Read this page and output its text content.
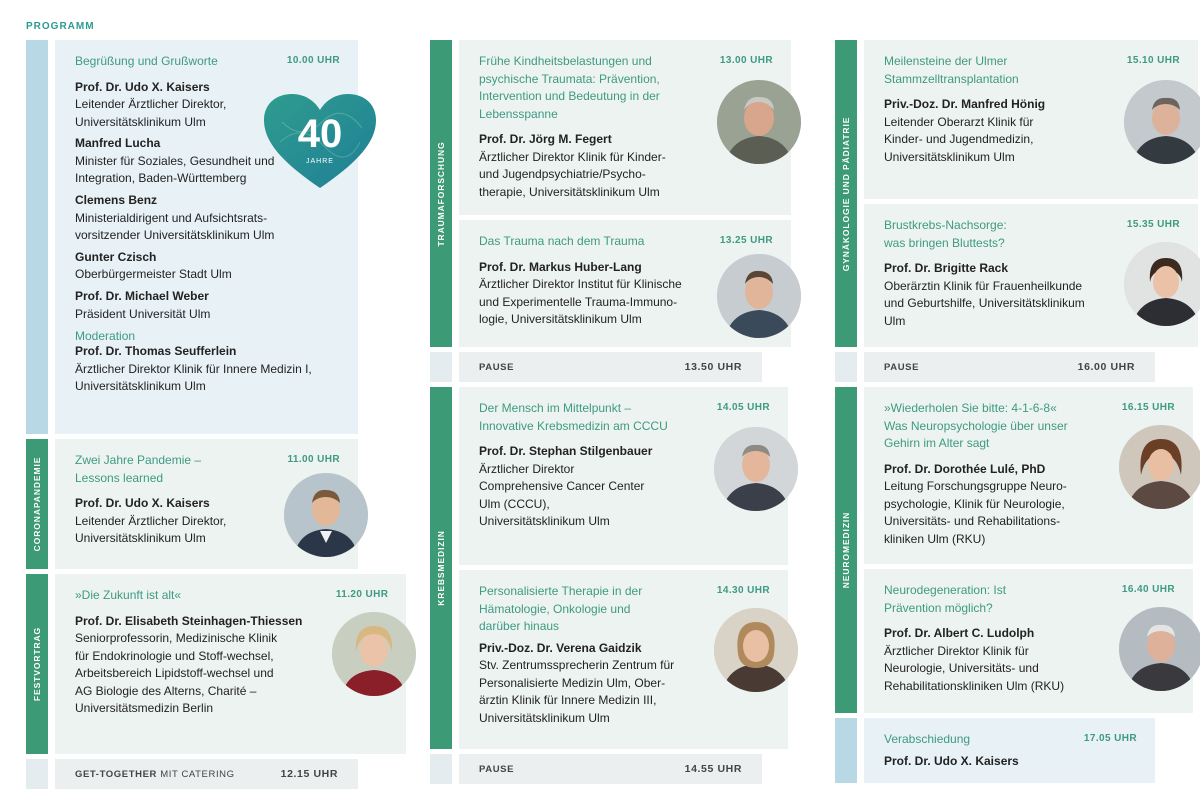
PROGRAMM
Begrüßung und Grußworte	10.00 UHR
Prof. Dr. Udo X. Kaisers
Leitender Ärztlicher Direktor, Universitätsklinikum Ulm
Manfred Lucha
Minister für Soziales, Gesundheit und Integration, Baden-Württemberg
Clemens Benz
Ministerialdirigent und Aufsichtsrats-vorsitzender Universitätsklinikum Ulm
Gunter Czisch
Oberbürgermeister Stadt Ulm
Prof. Dr. Michael Weber
Präsident Universität Ulm
Moderation
Prof. Dr. Thomas Seufferlein
Ärztlicher Direktor Klinik für Innere Medizin I, Universitätsklinikum Ulm
CORONAPANDEMIE	Zwei Jahre Pandemie – Lessons learned
11.00 UHR
Prof. Dr. Udo X. Kaisers
Leitender Ärztlicher Direktor, Universitätsklinikum Ulm
FESTVORTRAG
»Die Zukunft ist alt«	11.20 UHR
Prof. Dr. Elisabeth Steinhagen-Thiessen
Seniorprofessorin, Medizinische Klinik für Endokrinologie und Stoff-wechsel, Arbeitsbereich Lipidstoff-wechsel und AG Biologie des Alterns, Charité – Universitätsmedizin Berlin
GET-TOGETHER MIT CATERING	12.15 UHR
40
JAHRE	TRAUMAFORSCHUNG
Frühe Kindheitsbelastungen und psychische Traumata: Prävention, Intervention und Bedeutung in der Lebensspanne
13.00 UHR
Prof. Dr. Jörg M. Fegert
Ärztlicher Direktor Klinik für Kinder- und Jugendpsychiatrie/Psycho-therapie, Universitätsklinikum Ulm
Das Trauma nach dem Trauma	13.25 UHR
Prof. Dr. Markus Huber-Lang
Ärztlicher Direktor Institut für Klinische und Experimentelle Trauma-Immuno-logie, Universitätsklinikum Ulm
PAUSE	13.50 UHR
KREBSMEDIZIN
Der Mensch im Mittelpunkt – Innovative Krebsmedizin am CCCU
14.05 UHR
Prof. Dr. Stephan Stilgenbauer
Ärztlicher Direktor Comprehensive Cancer Center Ulm (CCCU), Universitätsklinikum Ulm
Personalisierte Therapie in der Hämatologie, Onkologie und darüber hinaus
14.30 UHR
Priv.-Doz. Dr. Verena Gaidzik
Stv. Zentrumssprecherin Zentrum für Personalisierte Medizin Ulm, Ober-ärztin Klinik für Innere Medizin III, Universitätsklinikum Ulm
PAUSE	14.55 UHR
GYNÄKOLOGIE UND PÄDIATRIE
Meilensteine der Ulmer Stammzelltransplantation
15.10 UHR
Priv.-Doz. Dr. Manfred Hönig
Leitender Oberarzt Klinik für Kinder- und Jugendmedizin, Universitätsklinikum Ulm
Brustkrebs-Nachsorge: was bringen Bluttests?
15.35 UHR
Prof. Dr. Brigitte Rack
Oberärztin Klinik für Frauenheilkunde und Geburtshilfe, Universitätsklinikum Ulm
PAUSE	16.00 UHR
NEUROMEDIZIN
»Wiederholen Sie bitte: 4-1-6-8« Was Neuropsychologie über unser Gehirn im Alter sagt
16.15 UHR
Prof. Dr. Dorothée Lulé, PhD
Leitung Forschungsgruppe Neuro-psychologie, Klinik für Neurologie, Universitäts- und Rehabilitations-kliniken Ulm (RKU)
Neurodegeneration: Ist Prävention möglich?
16.40 UHR
Prof. Dr. Albert C. Ludolph
Ärztlicher Direktor Klinik für Neurologie, Universitäts- und Rehabilitationskliniken Ulm (RKU)
Verabschiedung	17.05 UHR
Prof. Dr. Udo X. Kaisers
